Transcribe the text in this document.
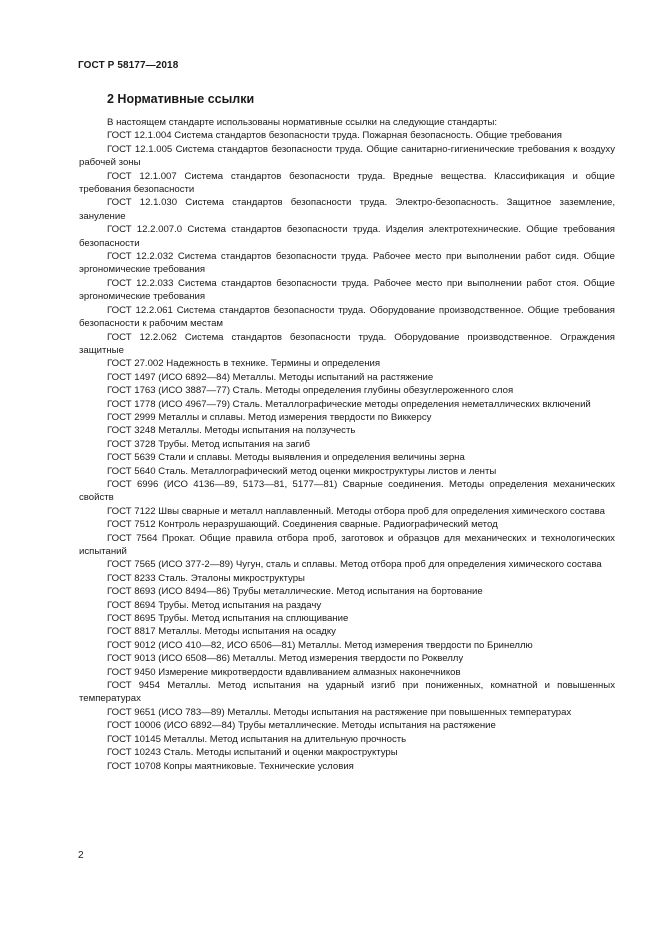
ГОСТ Р 58177—2018
2 Нормативные ссылки
В настоящем стандарте использованы нормативные ссылки на следующие стандарты:
ГОСТ 12.1.004 Система стандартов безопасности труда. Пожарная безопасность. Общие требования
ГОСТ 12.1.005 Система стандартов безопасности труда. Общие санитарно-гигиенические требования к воздуху рабочей зоны
ГОСТ 12.1.007 Система стандартов безопасности труда. Вредные вещества. Классификация и общие требования безопасности
ГОСТ 12.1.030 Система стандартов безопасности труда. Электро-безопасность. Защитное заземление, зануление
ГОСТ 12.2.007.0 Система стандартов безопасности труда. Изделия электротехнические. Общие требования безопасности
ГОСТ 12.2.032 Система стандартов безопасности труда. Рабочее место при выполнении работ сидя. Общие эргономические требования
ГОСТ 12.2.033 Система стандартов безопасности труда. Рабочее место при выполнении работ стоя. Общие эргономические требования
ГОСТ 12.2.061 Система стандартов безопасности труда. Оборудование производственное. Общие требования безопасности к рабочим местам
ГОСТ 12.2.062 Система стандартов безопасности труда. Оборудование производственное. Ограждения защитные
ГОСТ 27.002 Надежность в технике. Термины и определения
ГОСТ 1497 (ИСО 6892—84) Металлы. Методы испытаний на растяжение
ГОСТ 1763 (ИСО 3887—77) Сталь. Методы определения глубины обезуглероженного слоя
ГОСТ 1778 (ИСО 4967—79) Сталь. Металлографические методы определения неметаллических включений
ГОСТ 2999 Металлы и сплавы. Метод измерения твердости по Виккерсу
ГОСТ 3248 Металлы. Методы испытания на ползучесть
ГОСТ 3728 Трубы. Метод испытания на загиб
ГОСТ 5639 Стали и сплавы. Методы выявления и определения величины зерна
ГОСТ 5640 Сталь. Металлографический метод оценки микроструктуры листов и ленты
ГОСТ 6996 (ИСО 4136—89, 5173—81, 5177—81) Сварные соединения. Методы определения механических свойств
ГОСТ 7122 Швы сварные и металл наплавленный. Методы отбора проб для определения химического состава
ГОСТ 7512 Контроль неразрушающий. Соединения сварные. Радиографический метод
ГОСТ 7564 Прокат. Общие правила отбора проб, заготовок и образцов для механических и технологических испытаний
ГОСТ 7565 (ИСО 377-2—89) Чугун, сталь и сплавы. Метод отбора проб для определения химического состава
ГОСТ 8233 Сталь. Эталоны микроструктуры
ГОСТ 8693 (ИСО 8494—86) Трубы металлические. Метод испытания на бортование
ГОСТ 8694 Трубы. Метод испытания на раздачу
ГОСТ 8695 Трубы. Метод испытания на сплющивание
ГОСТ 8817 Металлы. Методы испытания на осадку
ГОСТ 9012 (ИСО 410—82, ИСО 6506—81) Металлы. Метод измерения твердости по Бринеллю
ГОСТ 9013 (ИСО 6508—86) Металлы. Метод измерения твердости по Роквеллу
ГОСТ 9450 Измерение микротвердости вдавливанием алмазных наконечников
ГОСТ 9454 Металлы. Метод испытания на ударный изгиб при пониженных, комнатной и повышенных температурах
ГОСТ 9651 (ИСО 783—89) Металлы. Методы испытания на растяжение при повышенных температурах
ГОСТ 10006 (ИСО 6892—84) Трубы металлические. Методы испытания на растяжение
ГОСТ 10145 Металлы. Метод испытания на длительную прочность
ГОСТ 10243 Сталь. Методы испытаний и оценки макроструктуры
ГОСТ 10708 Копры маятниковые. Технические условия
2
